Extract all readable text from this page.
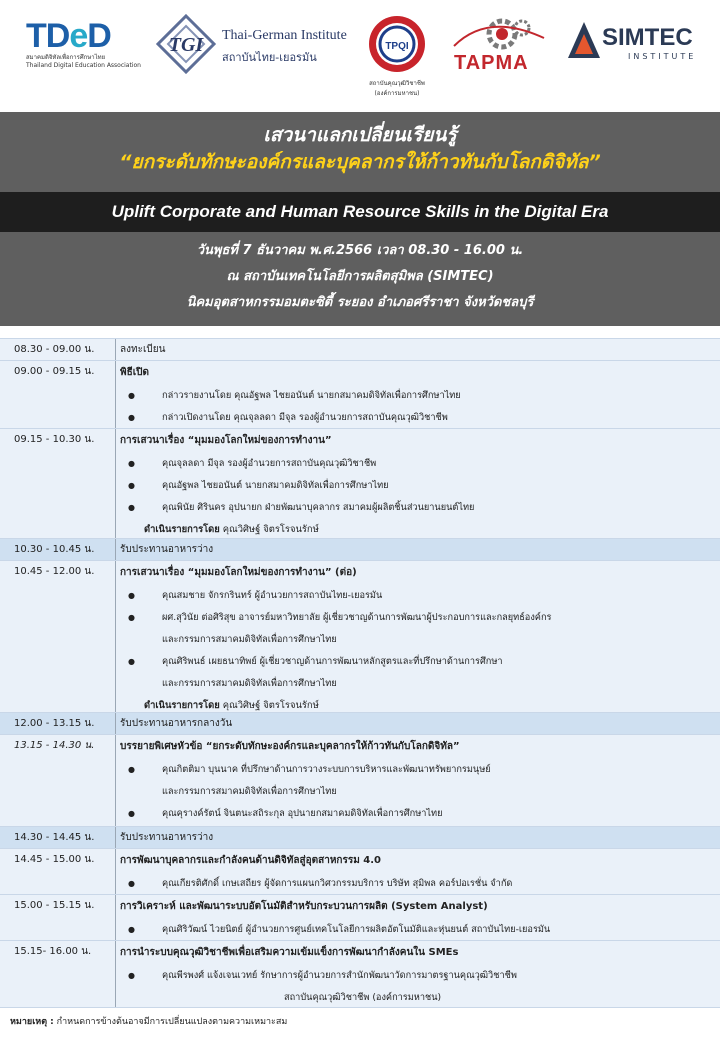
TDeD
สมาคมดิจิทัลเพื่อการศึกษาไทย
Thailand Digital Education Association
TGI Thai-German Institute
สถาบันไทย-เยอรมัน
TPQI
สถาบันคุณวุฒิวิชาชีพ
(องค์การมหาชน)
TAPMA
SIMTEC
INSTITUTE
เสวนาแลกเปลี่ยนเรียนรู้
“ยกระดับทักษะองค์กรและบุคลากรให้ก้าวทันกับโลกดิจิทัล”
Uplift Corporate and Human Resource Skills in the Digital Era
วันพุธที่ 7 ธันวาคม พ.ศ.2566 เวลา 08.30 - 16.00 น.
ณ สถาบันเทคโนโลยีการผลิตสุมิพล (SIMTEC)
นิคมอุตสาหกรรมอมตะซิตี้ ระยอง อำเภอศรีราชา จังหวัดชลบุรี
08.30 - 09.00 น.	ลงทะเบียน
09.00 - 09.15 น.	พิธีเปิด
●	กล่าวรายงานโดย คุณอัฐพล ไชยอนันต์ นายกสมาคมดิจิทัลเพื่อการศึกษาไทย
●	กล่าวเปิดงานโดย คุณจุลลดา มีจุล รองผู้อำนวยการสถาบันคุณวุฒิวิชาชีพ
09.15 - 10.30 น.	การเสวนาเรื่อง “มุมมองโลกใหม่ของการทำงาน”
●	คุณจุลลดา มีจุล รองผู้อำนวยการสถาบันคุณวุฒิวิชาชีพ
●	คุณอัฐพล ไชยอนันต์ นายกสมาคมดิจิทัลเพื่อการศึกษาไทย
●	คุณพินัย ศิรินคร อุปนายก ฝ่ายพัฒนาบุคลากร สมาคมผู้ผลิตชิ้นส่วนยานยนต์ไทย
ดำเนินรายการโดย คุณวิศิษฐ์ จิตรโรจนรักษ์
10.30 - 10.45 น.	รับประทานอาหารว่าง
10.45 - 12.00 น.	การเสวนาเรื่อง “มุมมองโลกใหม่ของการทำงาน” (ต่อ)
●	คุณสมชาย จักรกรินทร์ ผู้อำนวยการสถาบันไทย-เยอรมัน
●	ผศ.สุวินัย ต่อศิริสุข อาจารย์มหาวิทยาลัย ผู้เชี่ยวชาญด้านการพัฒนาผู้ประกอบการและกลยุทธ์องค์กร
และกรรมการสมาคมดิจิทัลเพื่อการศึกษาไทย
●	คุณศิริพนธ์ เผยธนาทิพย์ ผู้เชี่ยวชาญด้านการพัฒนาหลักสูตรและที่ปรึกษาด้านการศึกษา
และกรรมการสมาคมดิจิทัลเพื่อการศึกษาไทย
ดำเนินรายการโดย คุณวิศิษฐ์ จิตรโรจนรักษ์
12.00 - 13.15 น.	รับประทานอาหารกลางวัน
13.15 - 14.30 น.	บรรยายพิเศษหัวข้อ “ยกระดับทักษะองค์กรและบุคลากรให้ก้าวทันกับโลกดิจิทัล”
●	คุณกิตติมา บุนนาค ที่ปรึกษาด้านการวางระบบการบริหารและพัฒนาทรัพยากรมนุษย์
และกรรมการสมาคมดิจิทัลเพื่อการศึกษาไทย
●	คุณคุรางค์รัตน์ จินตนะสถิระกุล อุปนายกสมาคมดิจิทัลเพื่อการศึกษาไทย
14.30 - 14.45 น.	รับประทานอาหารว่าง
14.45 - 15.00 น.	การพัฒนาบุคลากรและกำลังคนด้านดิจิทัลสู่อุตสาหกรรม 4.0
●	คุณเกียรติศักดิ์ เกษเสถียร ผู้จัดการแผนกวิศวกรรมบริการ บริษัท สุมิพล คอร์ปอเรชั่น จำกัด
15.00 - 15.15 น.	การวิเคราะห์ และพัฒนาระบบอัตโนมัติสำหรับกระบวนการผลิต (System Analyst)
●	คุณศิริวัฒน์ ไวยนิตย์ ผู้อำนวยการศูนย์เทคโนโลยีการผลิตอัตโนมัติและหุ่นยนต์ สถาบันไทย-เยอรมัน
15.15- 16.00 น.	การนำระบบคุณวุฒิวิชาชีพเพื่อเสริมความเข้มแข็งการพัฒนากำลังคนใน SMEs
●	คุณพีรพงศ์ แจ้งเจนเวทย์ รักษาการผู้อำนวยการสำนักพัฒนาวัดการมาตรฐานคุณวุฒิวิชาชีพ
สถาบันคุณวุฒิวิชาชีพ (องค์การมหาชน)
หมายเหตุ : กำหนดการข้างต้นอาจมีการเปลี่ยนแปลงตามความเหมาะสม
